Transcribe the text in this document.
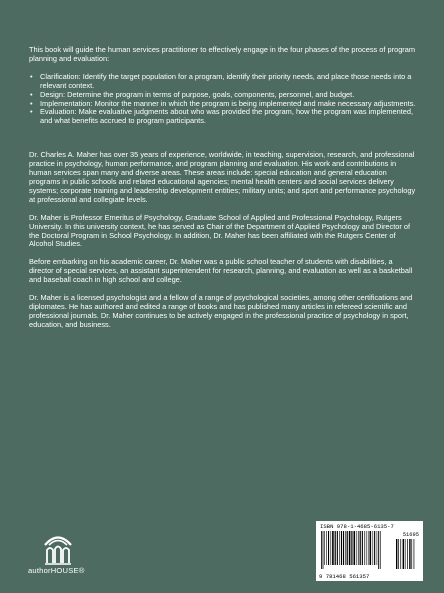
This book will guide the human services practitioner to effectively engage in the four phases of the process of program planning and evaluation:

• Clarification: Identify the target population for a program, identify their priority needs, and place those needs into a relevant context.
• Design: Determine the program in terms of purpose, goals, components, personnel, and budget.
• Implementation: Monitor the manner in which the program is being implemented and make necessary adjustments.
• Evaluation: Make evaluative judgments about who was provided the program, how the program was implemented, and what benefits accrued to program participants.

Dr. Charles A. Maher has over 35 years of experience, worldwide, in teaching, supervision, research, and professional practice in psychology, human performance, and program planning and evaluation. His work and contributions in human services span many and diverse areas. These areas include: special education and general education programs in public schools and related educational agencies; mental health centers and social services delivery systems; corporate training and leadership development entities; military units; and sport and performance psychology at professional and collegiate levels.

Dr. Maher is Professor Emeritus of Psychology, Graduate School of Applied and Professional Psychology, Rutgers University. In this university context, he has served as Chair of the Department of Applied Psychology and Director of the Doctoral Program in School Psychology. In addition, Dr. Maher has been affiliated with the Rutgers Center of Alcohol Studies.

Before embarking on his academic career, Dr. Maher was a public school teacher of students with disabilities, a director of special services, an assistant superintendent for research, planning, and evaluation as well as a basketball and baseball coach in high school and college.

Dr. Maher is a licensed psychologist and a fellow of a range of psychological societies, among other certifications and diplomates. He has authored and edited a range of books and has published many articles in refereed scientific and professional journals. Dr. Maher continues to be actively engaged in the professional practice of psychology in sport, education, and business.

authorHOUSE®
ISBN 978-1-4685-6135-7
51695
9 781468 561357
